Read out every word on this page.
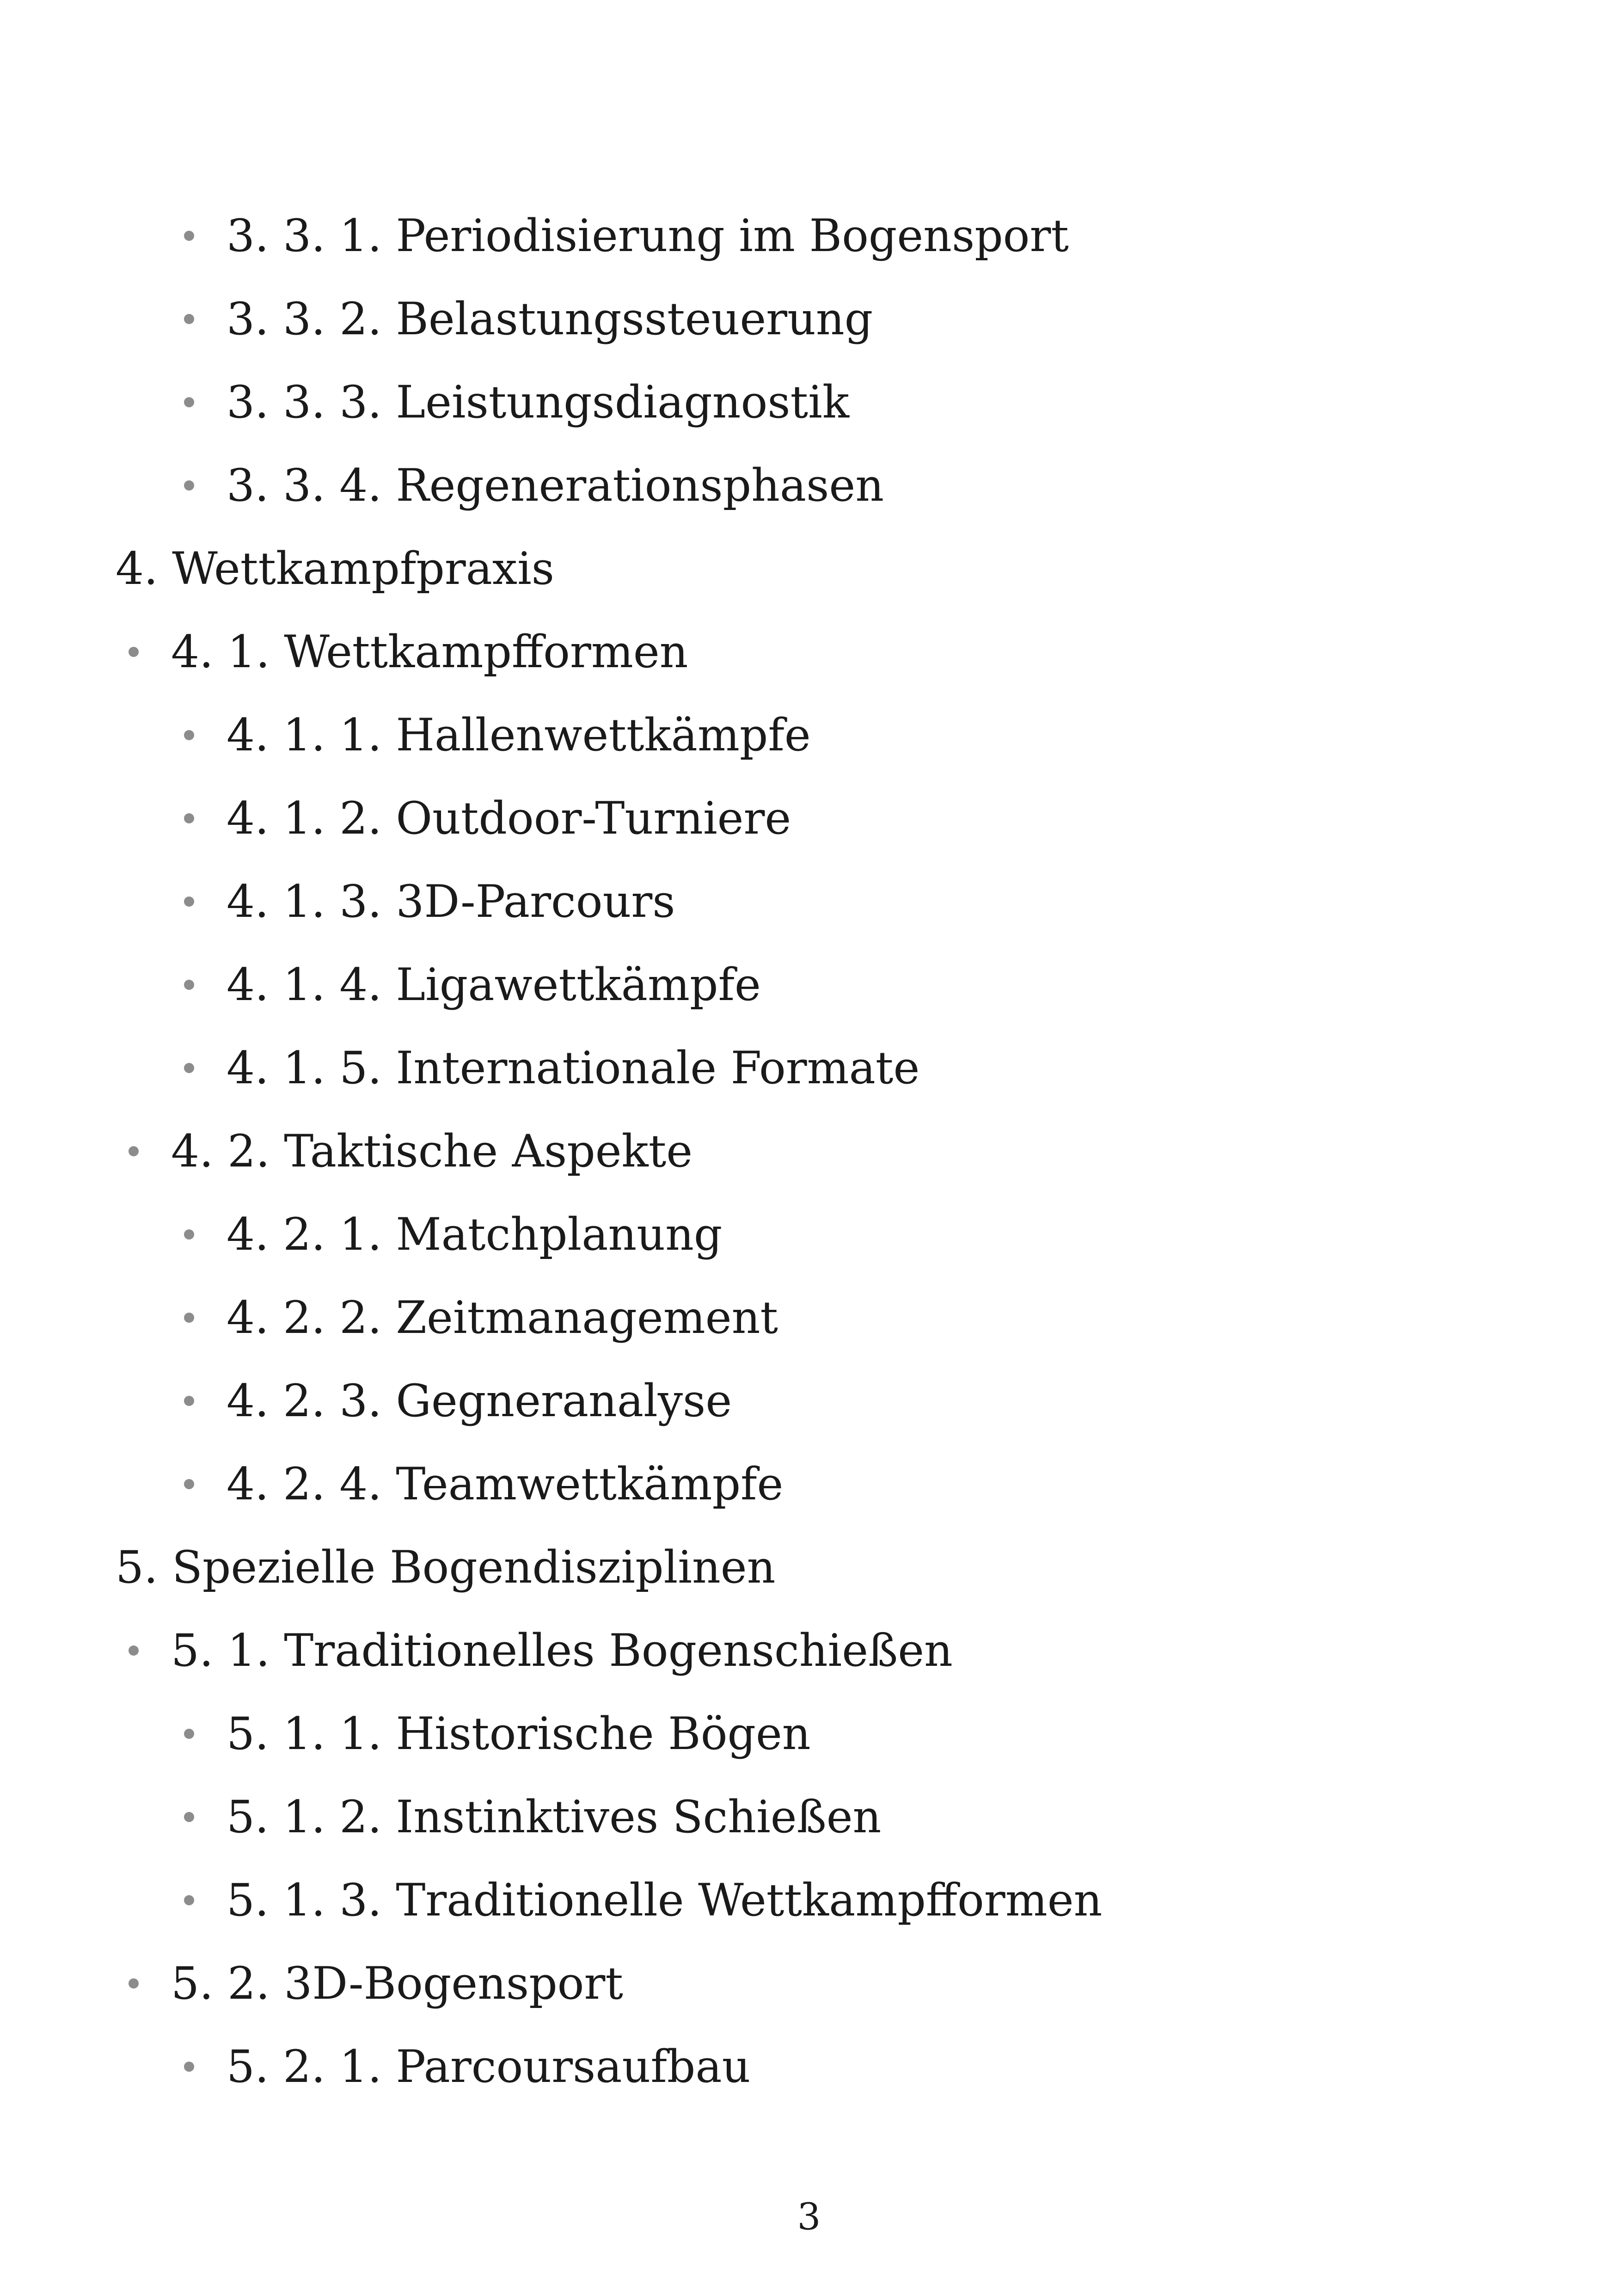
3. 3. 1. Periodisierung im Bogensport
3. 3. 2. Belastungssteuerung
3. 3. 3. Leistungsdiagnostik
3. 3. 4. Regenerationsphasen
4. Wettkampfpraxis
4. 1. Wettkampfformen
4. 1. 1. Hallenwettkämpfe
4. 1. 2. Outdoor-Turniere
4. 1. 3. 3D-Parcours
4. 1. 4. Ligawettkämpfe
4. 1. 5. Internationale Formate
4. 2. Taktische Aspekte
4. 2. 1. Matchplanung
4. 2. 2. Zeitmanagement
4. 2. 3. Gegneranalyse
4. 2. 4. Teamwettkämpfe
5. Spezielle Bogendisziplinen
5. 1. Traditionelles Bogenschießen
5. 1. 1. Historische Bögen
5. 1. 2. Instinktives Schießen
5. 1. 3. Traditionelle Wettkampfformen
5. 2. 3D-Bogensport
5. 2. 1. Parcoursaufbau
3
